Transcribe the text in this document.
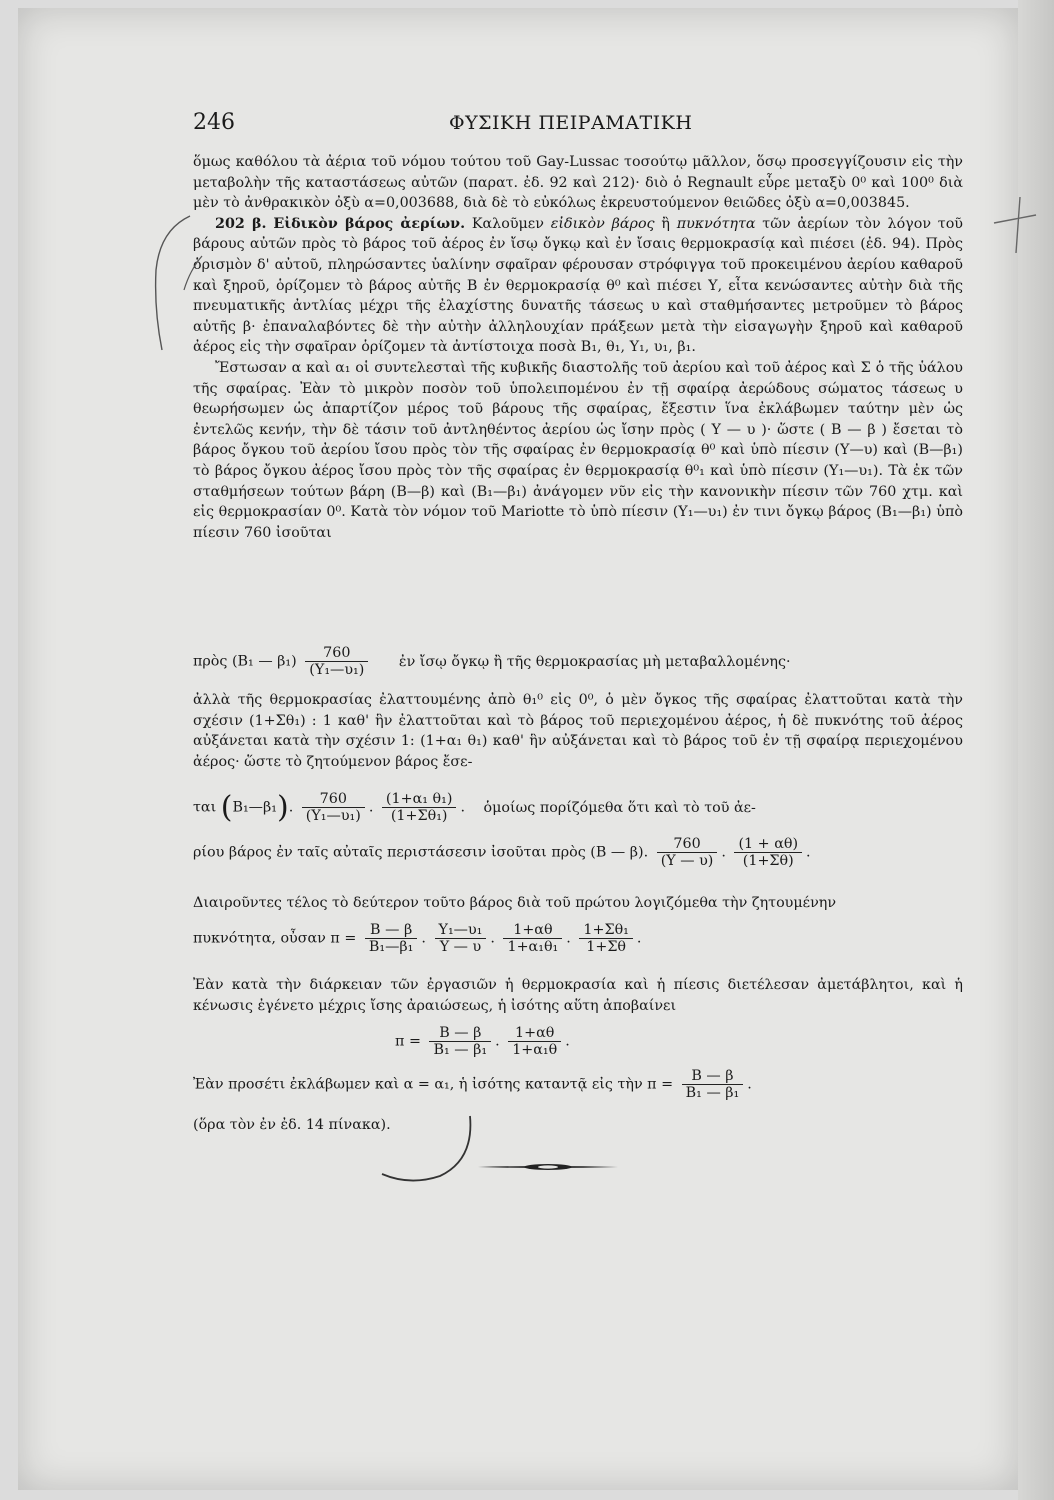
246	ΦΥΣΙΚΗ ΠΕΙΡΑΜΑΤΙΚΗ

ὅμως καθόλου τὰ ἀέρια τοῦ νόμου τούτου τοῦ Gay-Lussac τοσούτῳ μᾶλλον, ὅσῳ προσεγγίζουσιν εἰς τὴν μεταβολὴν τῆς καταστάσεως αὐτῶν (παρατ. ἐδ. 92 καὶ 212)· διὸ ὁ Regnault εὗρε μεταξὺ 0⁰ καὶ 100⁰ διὰ μὲν τὸ ἀνθρακικὸν ὀξὺ α=0,003688, διὰ δὲ τὸ εὐκόλως ἐκρευστούμενον θειῶδες ὀξὺ α=0,003845.

202 β. Εἰδικὸν βάρος ἀερίων. Καλοῦμεν εἰδικὸν βάρος ἢ πυκνότητα τῶν ἀερίων τὸν λόγον τοῦ βάρους αὐτῶν πρὸς τὸ βάρος τοῦ ἀέρος ἐν ἴσῳ ὄγκῳ καὶ ἐν ἴσαις θερμοκρασίᾳ καὶ πιέσει (ἐδ. 94). Πρὸς ὁρισμὸν δ' αὐτοῦ, πληρώσαντες ὑαλίνην σφαῖραν φέρουσαν στρόφιγγα τοῦ προκειμένου ἀερίου καθαροῦ καὶ ξηροῦ, ὁρίζομεν τὸ βάρος αὐτῆς Β ἐν θερμοκρασίᾳ θ⁰ καὶ πιέσει Υ, εἶτα κενώσαντες αὐτὴν διὰ τῆς πνευματικῆς ἀντλίας μέχρι τῆς ἐλαχίστης δυνατῆς τάσεως υ καὶ σταθμήσαντες μετροῦμεν τὸ βάρος αὐτῆς β· ἐπαναλαβόντες δὲ τὴν αὐτὴν ἀλληλουχίαν πράξεων μετὰ τὴν εἰσαγωγὴν ξηροῦ καὶ καθαροῦ ἀέρος εἰς τὴν σφαῖραν ὁρίζομεν τὰ ἀντίστοιχα ποσὰ Β₁, θ₁, Υ₁, υ₁, β₁.

Ἔστωσαν α καὶ α₁ οἱ συντελεσταὶ τῆς κυβικῆς διαστολῆς τοῦ ἀερίου καὶ τοῦ ἀέρος καὶ Σ ὁ τῆς ὑάλου τῆς σφαίρας. Ἐὰν τὸ μικρὸν ποσὸν τοῦ ὑπολειπομένου ἐν τῇ σφαίρᾳ ἀερώδους σώματος τάσεως υ θεωρήσωμεν ὡς ἀπαρτίζον μέρος τοῦ βάρους τῆς σφαίρας, ἔξεστιν ἵνα ἐκλάβωμεν ταύτην μὲν ὡς ἐντελῶς κενήν, τὴν δὲ τάσιν τοῦ ἀντληθέντος ἀερίου ὡς ἴσην πρὸς ( Υ — υ )· ὥστε ( Β — β ) ἔσεται τὸ βάρος ὄγκου τοῦ ἀερίου ἴσου πρὸς τὸν τῆς σφαίρας ἐν θερμοκρασίᾳ θ⁰ καὶ ὑπὸ πίεσιν (Υ—υ) καὶ (Β—β₁) τὸ βάρος ὄγκου ἀέρος ἴσου πρὸς τὸν τῆς σφαίρας ἐν θερμοκρασίᾳ θ⁰₁ καὶ ὑπὸ πίεσιν (Υ₁—υ₁). Τὰ ἐκ τῶν σταθμήσεων τούτων βάρη (Β—β) καὶ (Β₁—β₁) ἀνάγομεν νῦν εἰς τὴν κανονικὴν πίεσιν τῶν 760 χτμ. καὶ εἰς θερμοκρασίαν 0⁰. Κατὰ τὸν νόμον τοῦ Mariotte τὸ ὑπὸ πίεσιν (Υ₁—υ₁) ἐν τινι ὄγκῳ βάρος (Β₁—β₁) ὑπὸ πίεσιν 760 ἰσοῦται

πρὸς (Β₁ — $\beta_1) \frac{760}{\text{(Υ₁—υ₁)}}$ ἐν ἴσῳ ὄγκῳ ἢ τῆς θερμοκρασίας μὴ μεταβαλλομένης·

ἀλλὰ τῆς θερμοκρασίας ἐλαττουμένης ἀπὸ θ₁⁰ εἰς 0⁰, ὁ μὲν ὄγκος τῆς σφαίρας ἐλαττοῦται κατὰ τὴν σχέσιν (1+Σθ₁) : 1 καθ' ἣν ἐλαττοῦται καὶ τὸ βάρος τοῦ περιεχομένου ἀέρος, ἡ δὲ πυκνότης τοῦ ἀέρος αὐξάνεται κατὰ τὴν σχέσιν 1: (1+α₁ θ₁) καθ' ἣν αὐξάνεται καὶ τὸ βάρος τοῦ ἐν τῇ σφαίρᾳ περιεχομένου ἀέρος· ὥστε τὸ ζητούμενον βάρος ἔσε-

ται (Β₁—β₁). $\frac{760}{\text{(Υ₁—υ₁)}}$ . $\frac{\text{(1+α₁ θ₁)}}{\text{(1+Σθ₁)}}$ . ὁμοίως πορίζόμεθα ὅτι καὶ τὸ τοῦ ἀε-
ρίου βάρος ἐν ταῖς αὐταῖς περιστάσεσιν ἰσοῦται πρὸς (Β — β). $\frac{760}{(\Upsilon — \upsilon)}$ . $\frac{(1 + \alpha\theta)}{(1+\Sigma\theta)}$ .

Διαιροῦντες τέλος τὸ δεύτερον τοῦτο βάρος διὰ τοῦ πρώτου λογιζόμεθα τὴν ζητουμένην

πυκνότητα, οὖσαν $\pi = \frac{B — \beta}{\text{Β₁—β₁}}$ . $\frac{\text{Υ₁—υ₁}}{\Upsilon — \upsilon}$ . $\frac{1+\alpha\theta}{\text{1+α₁θ₁}}$ . $\frac{\text{1+Σθ₁}}{1+\Sigma\theta}$ .

Ἐὰν κατὰ τὴν διάρκειαν τῶν ἐργασιῶν ἡ θερμοκρασία καὶ ἡ πίεσις διετέλεσαν ἀμετάβλητοι, καὶ ἡ κένωσις ἐγένετο μέχρις ἴσης ἀραιώσεως, ἡ ἰσότης αὕτη ἀποβαίνει

$\pi = \frac{B — \beta}{\text{Β₁ — β₁}}$ . $\frac{1+\alpha\theta}{\text{1+α₁θ}}$ .
Ἐὰν προσέτι ἐκλάβωμεν καὶ α = α₁, ἡ ἰσότης καταντᾷ εἰς τὴν $\pi = \frac{B — \beta}{\text{Β₁ — β₁}}$ .

(ὅρα τὸν ἐν ἐδ. 14 πίνακα).
